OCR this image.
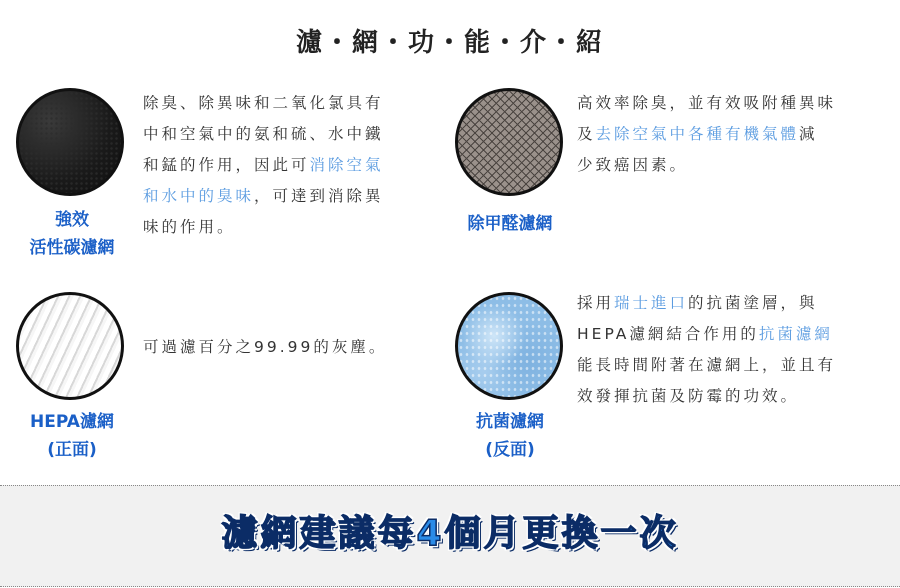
濾・網・功・能・介・紹
強效
活性碳濾網
除臭、除異味和二氧化氯具有
中和空氣中的氨和硫、水中鐵
和錳的作用，因此可消除空氣
和水中的臭味，可達到消除異
味的作用。	除甲醛濾網
高效率除臭，並有效吸附種異味
及去除空氣中各種有機氣體減
少致癌因素。
HEPA濾網
(正面)
可過濾百分之99.99的灰塵。
抗菌濾網
(反面)
採用瑞士進口的抗菌塗層，與
HEPA濾網結合作用的抗菌濾網
能長時間附著在濾網上，並且有
效發揮抗菌及防霉的功效。
濾網建議每4個月更換一次
